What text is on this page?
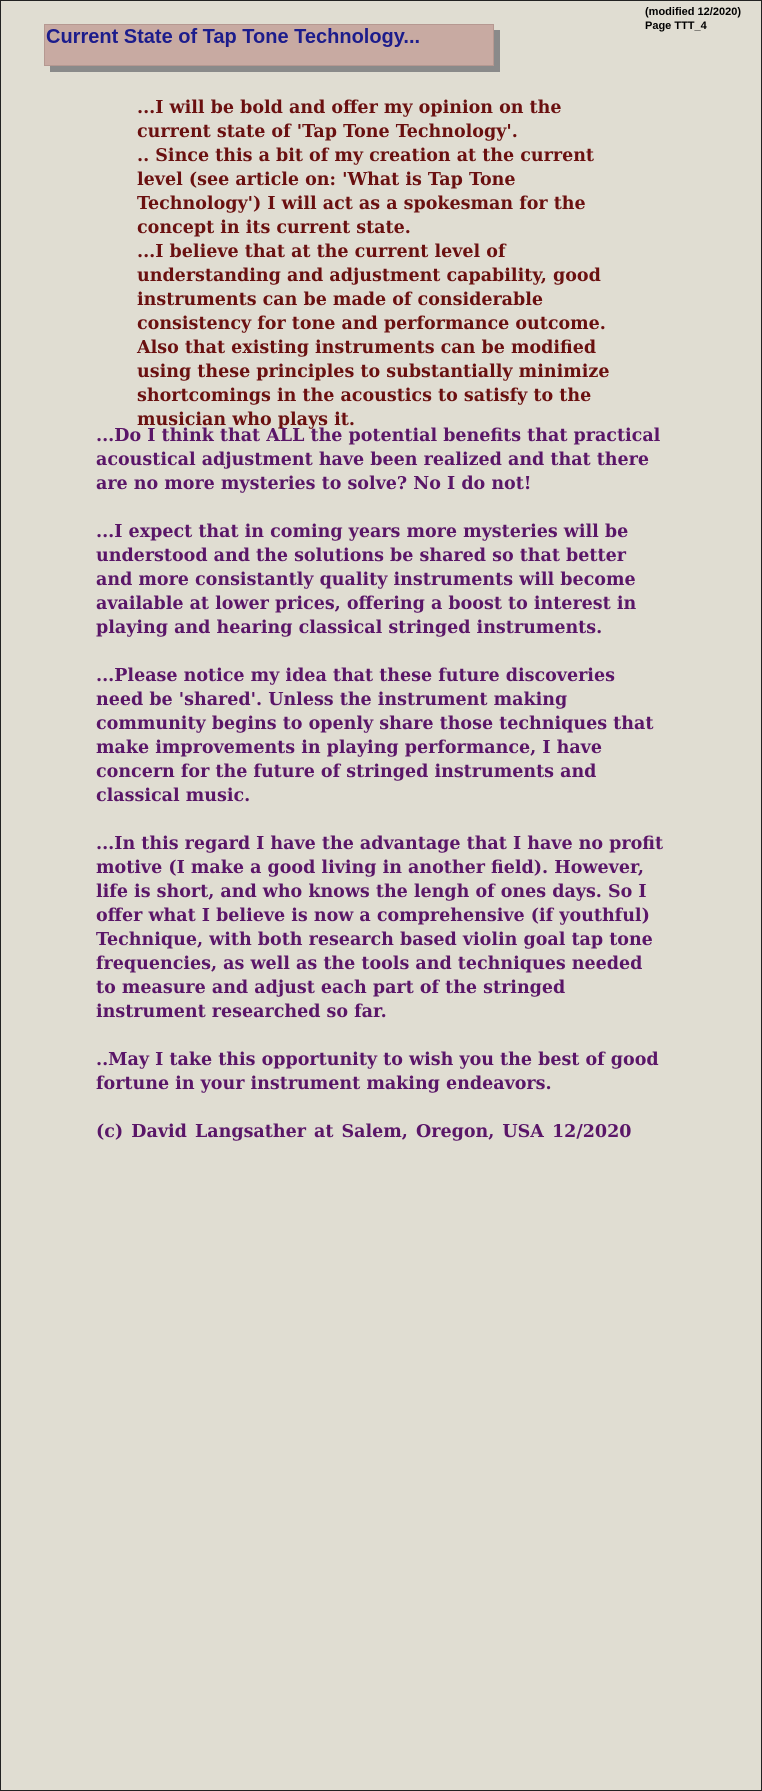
(modified 12/2020)
Page TTT_4
Current State of Tap Tone Technology...

...I will be bold and offer my opinion on the current state of 'Tap Tone Technology'.

.. Since this a bit of my creation at the current level (see article on: 'What is Tap Tone Technology') I will act as a spokesman for the concept in its current state.

...I believe that at the current level of understanding and adjustment capability, good instruments can be made of considerable consistency for tone and performance outcome. Also that existing instruments can be modified using these principles to substantially minimize shortcomings in the acoustics to satisfy to the musician who plays it.

...Do I think that ALL the potential benefits that practical acoustical adjustment have been realized and that there are no more mysteries to solve? No I do not!

...I expect that in coming years more mysteries will be understood and the solutions be shared so that better and more consistantly quality instruments will become available at lower prices, offering a boost to interest in playing and hearing classical stringed instruments.

...Please notice my idea that these future discoveries need be 'shared'. Unless the instrument making community begins to openly share those techniques that make improvements in playing performance, I have concern for the future of stringed instruments and classical music.

...In this regard I have the advantage that I have no profit motive (I make a good living in another field). However, life is short, and who knows the lengh of ones days. So I offer what I believe is now a comprehensive (if youthful) Technique, with both research based violin goal tap tone frequencies, as well as the tools and techniques needed to measure and adjust each part of the stringed instrument researched so far.

..May I take this opportunity to wish you the best of good fortune in your instrument making endeavors.

(c) David Langsather at Salem, Oregon, USA 12/2020
